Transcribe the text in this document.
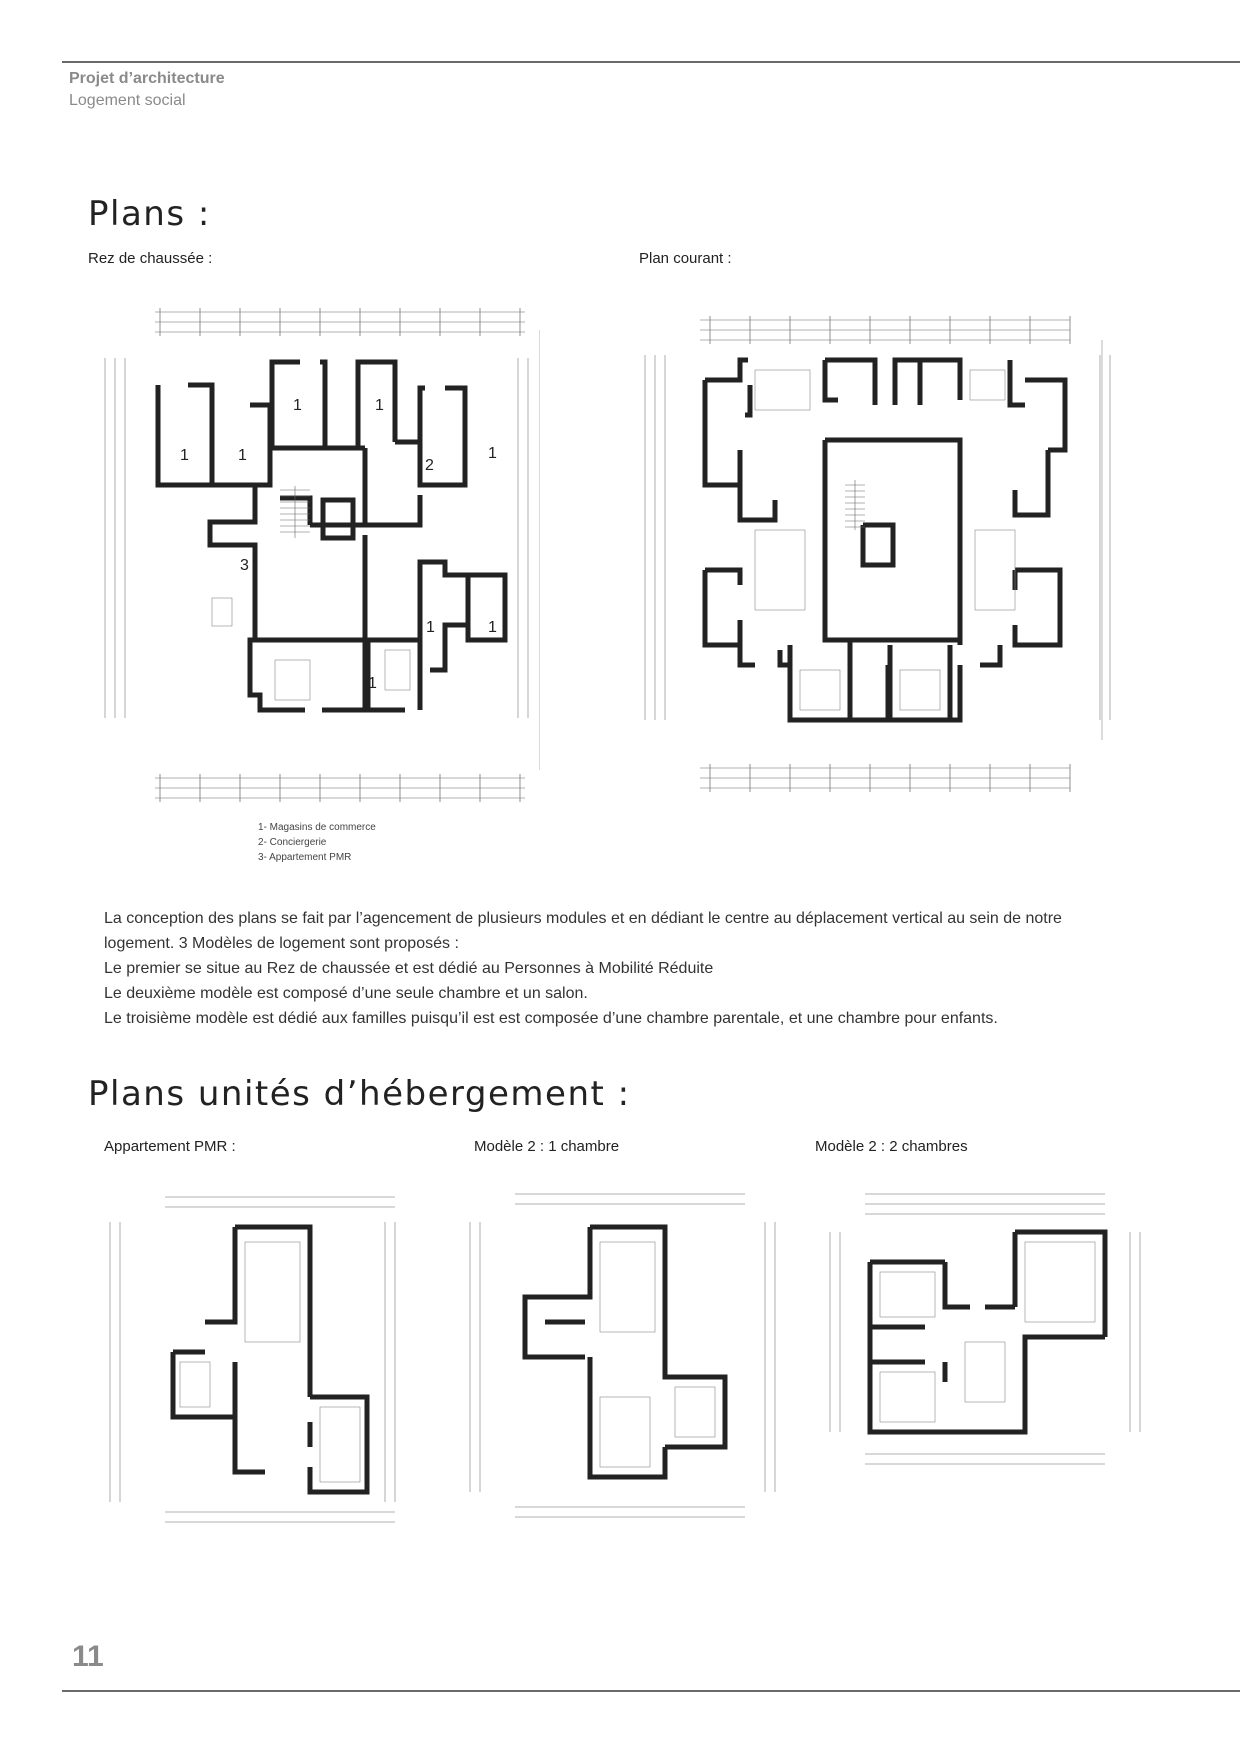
Projet d’architecture
Logement social
Plans :
Rez de chaussée :	Plan courant :
1	1
1	1
1
2
1
3
1
1
1- Magasins de commerce
2- Conciergerie
3- Appartement PMR
La conception des plans se fait par l’agencement de plusieurs modules et en dédiant le centre au déplacement vertical au sein de notre
logement. 3 Modèles de logement sont proposés :
Le premier se situe au Rez de chaussée et est dédié au Personnes à Mobilité Réduite
Le deuxième modèle est composé d’une seule chambre et un salon.
Le troisième modèle est dédié aux familles puisqu’il est est composée d’une chambre parentale, et une chambre pour enfants.
Plans unités d’hébergement :
Appartement PMR :	Modèle 2 : 1 chambre	Modèle 2 : 2 chambres
11
